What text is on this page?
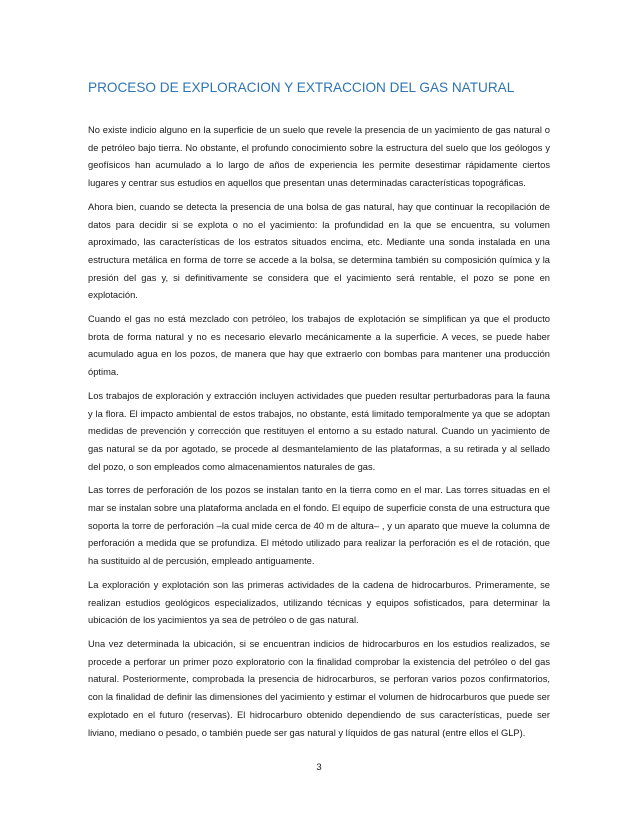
PROCESO DE EXPLORACION Y EXTRACCION DEL GAS NATURAL

No existe indicio alguno en la superficie de un suelo que revele la presencia de un yacimiento de gas natural o de petróleo bajo tierra. No obstante, el profundo conocimiento sobre la estructura del suelo que los geólogos y geofísicos han acumulado a lo largo de años de experiencia les permite desestimar rápidamente ciertos lugares y centrar sus estudios en aquellos que presentan unas determinadas características topográficas.

Ahora bien, cuando se detecta la presencia de una bolsa de gas natural, hay que continuar la recopilación de datos para decidir si se explota o no el yacimiento: la profundidad en la que se encuentra, su volumen aproximado, las características de los estratos situados encima, etc. Mediante una sonda instalada en una estructura metálica en forma de torre se accede a la bolsa, se determina también su composición química y la presión del gas y, si definitivamente se considera que el yacimiento será rentable, el pozo se pone en explotación.

Cuando el gas no está mezclado con petróleo, los trabajos de explotación se simplifican ya que el producto brota de forma natural y no es necesario elevarlo mecánicamente a la superficie. A veces, se puede haber acumulado agua en los pozos, de manera que hay que extraerlo con bombas para mantener una producción óptima.

Los trabajos de exploración y extracción incluyen actividades que pueden resultar perturbadoras para la fauna y la flora. El impacto ambiental de estos trabajos, no obstante, está limitado temporalmente ya que se adoptan medidas de prevención y corrección que restituyen el entorno a su estado natural. Cuando un yacimiento de gas natural se da por agotado, se procede al desmantelamiento de las plataformas, a su retirada y al sellado del pozo, o son empleados como almacenamientos naturales de gas.

Las torres de perforación de los pozos se instalan tanto en la tierra como en el mar. Las torres situadas en el mar se instalan sobre una plataforma anclada en el fondo. El equipo de superficie consta de una estructura que soporta la torre de perforación –la cual mide cerca de 40 m de altura– , y un aparato que mueve la columna de perforación a medida que se profundiza. El método utilizado para realizar la perforación es el de rotación, que ha sustituido al de percusión, empleado antiguamente.

La exploración y explotación son las primeras actividades de la cadena de hidrocarburos. Primeramente, se realizan estudios geológicos especializados, utilizando técnicas y equipos sofisticados, para determinar la ubicación de los yacimientos ya sea de petróleo o de gas natural.

Una vez determinada la ubicación, si se encuentran indicios de hidrocarburos en los estudios realizados, se procede a perforar un primer pozo exploratorio con la finalidad comprobar la existencia del petróleo o del gas natural. Posteriormente, comprobada la presencia de hidrocarburos, se perforan varios pozos confirmatorios, con la finalidad de definir las dimensiones del yacimiento y estimar el volumen de hidrocarburos que puede ser explotado en el futuro (reservas). El hidrocarburo obtenido dependiendo de sus características, puede ser liviano, mediano o pesado, o también puede ser gas natural y líquidos de gas natural (entre ellos el GLP).

3
